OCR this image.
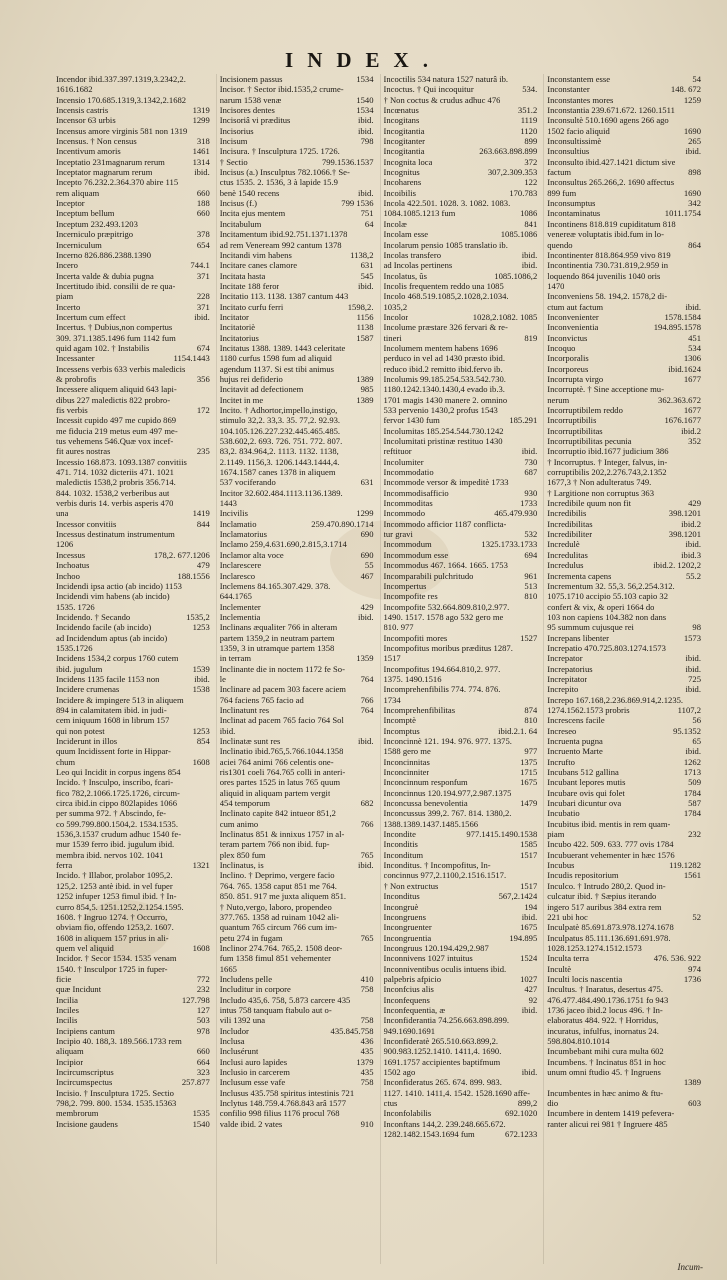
INDEX.
Incendor ibid.337.397.1319,3.2342,2.
1616.1682
Incensio 170.685.1319,3.1342,2.1682
Incensis castris	1319
Incensor 63 urbis	1299
Incensus amore virginis 581 non 1319
Incensus. † Non census	318
Incentivum amoris	1461
Inceptatio 231magnarum rerum	1314
Inceptator magnarum rerum	ibid.
Incepto 76.232.2.364.370 abire 115
rem aliquam	660
Inceptor	188
Inceptum bellum	660
Inceptum 232.493.1203
Incerniculo præpitrigo	378
Incerniculum	654
Incerno 826.886.2388.1390
Incero	744.1
Incerta valde & dubia pugna	371
Incertitudo ibid. consilii de re qua-
piam	228
Incerto	371
Incertum cum effect	ibid.
Incertus. † Dubius,non compertus
309. 371.1385.1496 fum 1142 fum
quid agam 102. † Instabilis	674
Incessanter	1154.1443
Incessens verbis 633 verbis maledicis
& probrofis	356
Incessere aliquem aliquid 643 lapi-
dibus 227 maledictis 822 probro-
fis verbis	172
Incessit cupido 497 me cupido 869
me fiducia 219 metus eum 497 me-
tus vehemens 546.Quæ vox incef-
fit aures nostras	235
Incessio 168.873. 1093.1387 convitiis
471. 714. 1032 dicteriis 471. 1021
maledictis 1538,2 probris 356.714.
844. 1032. 1538,2 verberibus aut
verbis duris 14. verbis asperis 470
una	1419
Incessor convitiis	844
Incessus destinatum instrumentum
1206
Incessus	178,2. 677.1206
Inchoatus	479
Inchoo	188.1556
Incidendi ipsa actio (ab incido) 1153
Incidendi vim habens (ab incido)
1535. 1726
Incidendo. † Secando	1535,2
Incidendo facile (ab incido)	1253
ad Incidendum aptus (ab incido)
1535.1726
Incidens 1534,2 corpus 1760 cutem
ibid. jugulum	1539
Incidens 1135 facile 1153 non	ibid.
Incidere crumenas	1538
Incidere & impingere 513 in aliquem
894 in calamitatem ibid. in judi-
cem iniquum 1608 in librum 157
qui non potest	1253
Inciderunt in illos	854
quum Incidissent forte in Hippar-
chum	1608
Leo qui Incidit in corpus ingens 854
Incido. † Insculpo, inscribo, fcari-
fico 782,2.1066.1725.1726, circum-
circa ibid.in cippo 802lapides 1066
per summa 972. † Abscindo, fe-
co 599.799.800.1504,2. 1534.1535.
1536,3.1537 crudum adhuc 1540 fe-
mur 1539 ferro ibid. jugulum ibid.
membra ibid. nervos 102. 1041
ferra	1321
Incido. † Illabor, prolabor 1095,2.
125,2. 1253 antè ibid. in vel fuper
1252 infuper 1253 fimul ibid. † In-
curro 854,5. 1251.1252,2.1254.1595.
1608. † Ingruo 1274. † Occurro,
obviam fio, offendo 1253,2. 1607.
1608 in aliquem 157 prius in ali-
quem vel aliquid	1608
Incidor. † Secor 1534. 1535 venam
1540. † Insculpor 1725 in fuper-
ficie	772
quæ Incidunt	232
Incilia	127.798
Inciles	127
Incilis	503
Incipiens cantum	978
Incipio 40. 188,3. 189.566.1733 rem
aliquam	660
Incipior	664
Incircumscriptus	323
Incircumspectus	257.877
Incisio. † Insculptura 1725. Sectio
798,2. 799. 800. 1534. 1535.15363
membrorum	1535
Incisione gaudens	1540
Incisionem passus	1534
Incisor. † Sector ibid.1535,2 crume-
narum 1538 venæ	1540
Incisores dentes	1534
Incisoriâ vi præditus	ibid.
Incisorius	ibid.
Incisum	798
Incisura. † Insculptura 1725. 1726.
† Sectio	799.1536.1537
Incisus (a.) Insculptus 782.1066.† Se-
ctus 1535. 2. 1536, 3 à lapide 15.9
benè 1540 recens	ibid.
Incisus (f.)	799 1536
Incita ejus mentem	751
Incitabulum	64
Incitamentum ibid.92.751.1371.1378
ad rem Veneream 992 cantum 1378
Incitandi vim habens	1138,2
Incitare canes clamore	631
Incitata hasta	545
Incitate 188 feror	ibid.
Incitatio 113. 1138. 1387 cantum 443
Incitato curfu ferri	1598,2.
Incitator	1156
Incitatoriè	1138
Incitatorius	1587
Incitatus 1388. 1389. 1443 celeritate
1180 curfus 1598 fum ad aliquid
agendum 1137. Si est tibi animus
hujus rei defiderio	1389
Incitavit ad defectionem	985
Incitet in me	1389
Incito. † Adhortor,impello,instigo,
stimulo 32,2. 33,3. 35. 77,2. 92.93.
104.105.126.227.232.445.465.485.
538.602,2. 693. 726. 751. 772. 807.
83,2. 834.964,2. 1113. 1132. 1138,
2.1149. 1156,3. 1206.1443.1444,4.
1674.1587 canes 1378 in aliquem
537 vociferando	631
Incitor 32.602.484.1113.1136.1389.
1443
Incivilis	1299
Inclamatio	259.470.890.1714
Inclamatorius	690
Inclamo 259,4.631.690,2.815,3.1714
Inclamor alta voce	690
Inclarescere	55
Inclaresco	467
Inclemens 84.165.307.429. 378.
644.1765
Inclementer	429
Inclementia	ibid.
Inclinans æqualiter 766 in alteram
partem 1359,2 in neutram partem
1359, 3 in utramque partem 1358
in terram	1359
Inclinante die in noctem 1172 fe So-
le	764
Inclinare ad pacem 303 facere aciem
764 faciens 765 facio ad	766
Inclinatunt res	764
Inclinat ad pacem 765 facio 764 Sol
ibid.
Inclinatæ sunt res	ibid.
Inclinatio ibid.765,5.766.1044.1358
aciei 764 animi 766 celentis one-
ris1301 coeli 764.765 colli in anteri-
ores partes 1525 in latus 765 quum
aliquid in aliquam partem vergit
454 temporum	682
Inclinato capite 842 intueor 851,2
cum animo	766
Inclinatus 851 & innixus 1757 in al-
teram partem 766 non ibid. fup-
plex 850 fum	765
Inclinatus, is	ibid.
Inclino. † Deprimo, vergere facio
764. 765. 1358 caput 851 me 764.
850. 851. 917 me juxta aliquem 851.
† Nuto,vergo, laboro, propendeo
377.765. 1358 ad ruinam 1042 ali-
quantum 765 circum 766 cum im-
petu 274 in fugam	765
Inclinor 274.764. 765,2. 1508 deor-
fum 1358 fimul 851 vehementer
1665
Includens pelle	410
Includitur in corpore	758
Includo 435,6. 758, 5.873 carcere 435
intus 758 tanquam ftabulo aut o-
vili 1392 una	758
Includor	435.845.758
Inclusa	436
Inclusérunt	435
Inclusi auro lapides	1379
Inclusio in carcerem	435
Inclusum esse vafe	758
Inclusus 435.758 spiritus intestinis 721
Inclytus 148.759.4.768.843 arâ 1577
confilio 998 filius 1176 procul 768
valde ibid. 2 vates	910
Incoctilis 534 natura 1527 naturâ ib.
Incoctus. † Qui incoquitur	534.
† Non coctus & crudus adhuc 476
Incœnatus	351.2
Incogitans	1119
Incogitantia	1120
Incogitanter	899
Incogitantia	263.663.898.899
Incognita loca	372
Incognitus	307,2.309.353
Incoharens	122
Incoibilis	170.783
Incola 422.501. 1028. 3. 1082. 1083.
1084.1085.1213 fum	1086
Incolæ	841
Incolam esse	1085.1086
Incolarum pensio 1085 translatio ib.
Incolas transfero	ibid.
ad Incolas pertinens	ibid.
Incolatus, ûs	1085.1086,2
Incolis frequentem reddo una 1085
Incolo 468.519.1085,2.1028,2.1034.
1035,2
Incolor	1028,2.1082. 1085
Incolume præstare 326 fervari & re-
tineri	819
Incolumem mentem habens 1696
perduco in vel ad 1430 præsto ibid.
reduco ibid.2 remitto ibid.fervo ib.
Incolumis 99.185.254.533.542.730.
1180.1242.1340.1430,4 evado ib.3.
1701 magis 1430 manere 2. omnino
533 pervenio 1430,2 profus 1543
fervor 1430 fum	185.291
Incolumitas 185.254.544.730.1242
Incolumitati pristinæ restituo 1430
reftituor	ibid.
Incolumiter	730
Incommodatio	687
Incommode versor & impeditè 1733
Incommodisafficio	930
Incommoditas	1733
Incommodo	465.479.930
Incommodo afficior 1187 conflicta-
tur gravi	532
Incommodum	1325.1733.1733
Incommodum esse	694
Incommodus 467. 1664. 1665. 1753
Incomparabili pulchritudo	961
Incompertus	513
Incompofite res	810
Incompofite 532.664.809.810,2.977.
1490. 1517. 1578 ago 532 gero me
810. 977
Incompofiti mores	1527
Incompofitus moribus præditus 1287.
1517
Incompofitus 194.664.810,2. 977.
1375. 1490.1516
Incomprehenfibilis 774. 774. 876.
1734
Incomprehenfibilitas	874
Incomptè	810
Incomptus	ibid.2.1. 64
Inconcinnè 121. 194. 976. 977. 1375.
1588 gero me	977
Inconcinnitas	1375
Inconcinniter	1715
Inconcinnum responfum	1675
Inconcinnus 120.194.977,2.987.1375
Inconcussa benevolentia	1479
Inconcussus 399,2. 767. 814. 1380,2.
1388.1389.1437.1485.1566
Incondite	977.1415.1490.1538
Inconditis	1585
Inconditum	1517
Inconditus. † Incompofitus, In-
concinnus 977,2.1100,2.1516.1517.
† Non extructus	1517
Inconditus	567,2.1424
Incongruè	194
Incongruens	ibid.
Incongruenter	1675
Incongruentia	194.895
Incongruus 120.194.429,2.987
Inconnivens 1027 intuitus	1524
Inconniventibus oculis intuens ibid.
palpebris afpicio	1027
Inconfcius alis	427
Inconfequens	92
Inconfequentia, æ	ibid.
Inconfiderantia 74.256.663.898.899.
949.1690.1691
Inconfideratè 265.510.663.899,2.
900.983.1252.1410. 1411,4. 1690.
1691.1757 accipientes baptifmum
1502 ago	ibid.
Inconfideratus 265. 674. 899. 983.
1127. 1410. 1411,4. 1542. 1528.1690 affe-
ctus	899,2
Inconfolabilis	692.1020
Inconftans 144,2. 239.248.665.672.
1282.1482.1543.1694 fum	672.1233
Inconstantem esse	54
Inconstanter	148. 672
Inconstantes mores	1259
Inconstantia 239.671.672. 1260.1511
Inconsultè 510.1690 agens 266 ago
1502 facio aliquid	1690
Inconsultissimè	265
Inconsultius	ibid.
Inconsulto ibid.427.1421 dictum sive
factum	898
Inconsultus 265.266,2. 1690 affectus
899 fum	1690
Inconsumptus	342
Incontaminatus	1011.1754
Incontinens 818.819 cupiditatum 818
venereæ voluptatis ibid.fum in lo-
quendo	864
Incontinenter 818.864.959 vivo 819
Incontinentia 730.731.819,2.959 in
loquendo 864 juvenilis 1040 oris
1470
Inconveniens 58. 194,2. 1578,2 di-
ctum aut factum	ibid.
Inconvenienter	1578.1584
Inconvenientia	194.895.1578
Inconvictus	451
Incoquo	534
Incorporalis	1306
Incorporeus	ibid.1624
Incorrupta virgo	1677
Incorruptè. † Sine acceptione mu-
nerum	362.363.672
Incorruptibilem reddo	1677
Incorruptibilis	1676.1677
Incorruptibilitas	ibid.2
Incorruptibilitas pecunia	352
Incorruptio ibid.1677 judicium 386
† Incorruptus. † Integer, falvus, in-
corruptibilis 202,2.276.743,2.1352
1677,3 † Non adulteratus 749.
† Largitione non corruptus 363
Incredibile quum non fit	429
Incredibilis	398.1201
Incredibilitas	ibid.2
Incredibiliter	398.1201
Incredulè	ibid.
Incredulitas	ibid.3
Incredulus	ibid.2. 1202,2
Incrementa capens	55.2
Incrementum 32. 55,3. 56,2.254.312.
1075.1710 accipio 55.103 capio 32
confert & vix, & operi 1664 do
103 non capiens 104.382 non dans
95 summum cujusque rei	98
Increpans libenter	1573
Increpatio 470.725.803.1274.1573
Increpator	ibid.
Increpatorius	ibid.
Increpitator	725
Increpito	ibid.
Increpo 167.168,2.236.869.914,2.1235.
1274.1562.1573 probris	1107,2
Increscens facile	56
Increseo	95.1352
Incruenta pugna	65
Incruento Marte	ibid.
Incrufto	1262
Incubans 512 gallina	1713
Incubant lepores mutis	509
Incubare ovis qui folet	1784
Incubari dicuntur ova	587
Incubatio	1784
Incubitus ibid. mentis in rem quam-
piam	232
Incubo 422. 509. 633. 777 ovis 1784
Incubuerant vehementer in hæc 1576
Incubus	119.1282
Incudis repositorium	1561
Inculco. † Intrudo 280,2. Quod in-
culcatur ibid. † Sæpius iterando
ingero 517 auribus 384 extra rem
221 ubi hoc	52
Inculpatè 85.691.873.978.1274.1678
Inculpatus 85.111.136.691.691.978.
1028.1253.1274.1512.1573
Inculta terra	476. 536. 922
Incultè	974
Inculti locis nascentia	1736
Incultus. † Inaratus, desertus 475.
476.477.484.490.1736.1751 fo 943
1736 jaceo ibid.2 locus 496. † In-
elaboratus 484. 922. † Horridus,
incuratus, infulfus, inornatus 24.
598.804.810.1014
Incumbebant mihi cura multa 602
Incumbens. † Incinatus 851 in hoc
unum omni ftudio 45. † Ingruens
1389
Incumbentes in hæc animo & ftu-
dio	603
Incumbere in dentem 1419 pefevera-
ranter alicui rei 981 † Ingruere 485
Incum-
